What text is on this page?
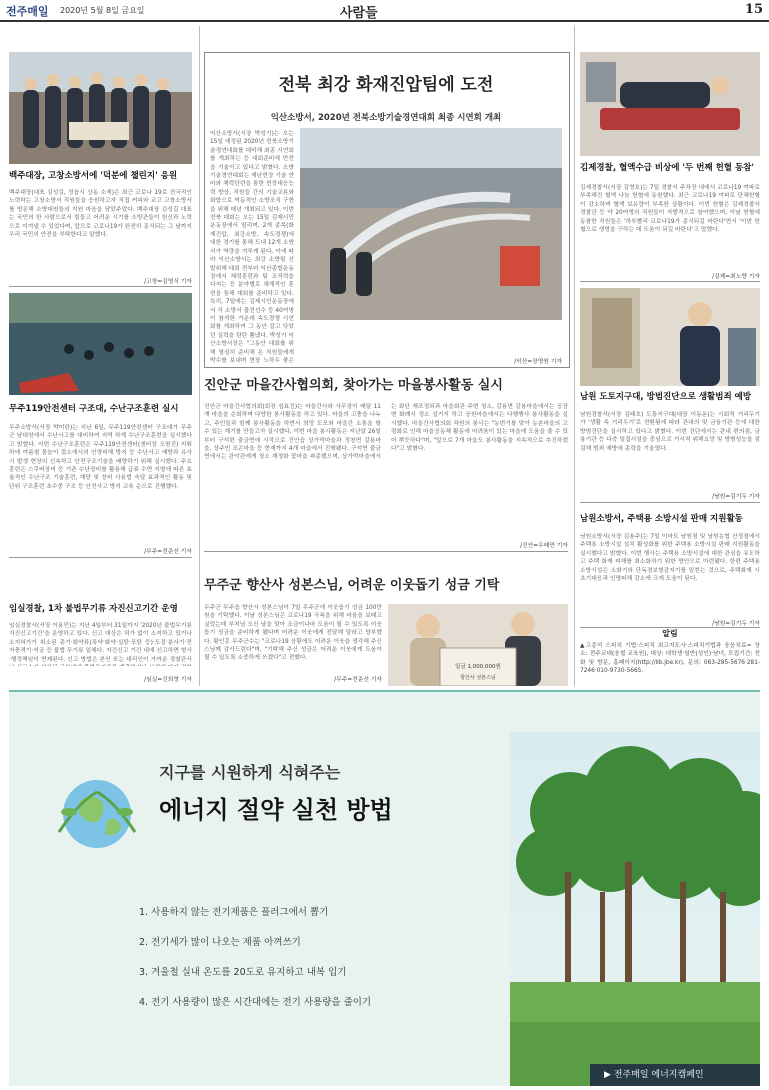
전주매일 2020년 5월 8일 금요일	사람들	15
백주대장, 고창소방서에 '덕분에 챌린지' 응원
백주대장(대표 김성길, 정읍시 상동 소재)은 최근 코로나 19로 전국적인 노력하는 고창소방서 직원들을 응원하고자 직접 커피와 교고 고창소방서를 방문해 소방대원들의 지원 마음을 담았주었다. 백주대장 김성길 대표는 국민의 한 사람으로서 힘들고 어려운 시기를 소방관들이 헌신과 노력으로 이겨낼 수 있었다며, 앞으로 코로나19가 완전히 종식되는 그 날까지 우리 국민의 안전을 부탁한다고 말했다.
/고창=김영식 기자
무주119안전센터 구조대, 수난구조훈련 실시
무주소방서(서장 박미란)는 지난 6일, 무주119안전센터 구조대가 무주군 남대천에서 수난사고를 대비하여 지역 하계 수난구조훈련을 실시했다고 밝혔다. 이번 수난구조훈련은 무주119안전센터(센터장 오원진) 지휘하에 여름철 물놀이 절소에서의 인명피해 방지 등 수난사고 예방과 유사시 발생 현장의 신속하고 안전구조기술을 배양하기 위해 실시했다. 주요훈련은 스쿠버장비 등 기존 수난장비를 활용해 급류 수면 지형에 따른 효율적인 수난구조 기술훈련, 해당 및 장비 사용법 숙달 효과적인 활동 및 단위 구조훈련 초수중 구조 등 안전사고 방지 교육 순으로 진행했다.
/무주=전준선 기자
임실경찰, 1차 불법무기류 자진신고기간 운영
임실경찰서(서장 이용민)는 지난 4일부터 31일까지 '2020년 불법무기류 자진신고기간'을 운영하고 있다. 신고 대상은 허가 없이 소지하고 있거나 소지허가가 취소된 총기·화약류(폭약·화약·실탄·포탄 등)·도검·분사기·전자충격기·석궁 등 불법 무기류 일체다. 자진신고 기간 내에 신고하면 형사·행정책임이 면제된다. 신고 방법은 본인 또는 대리인이 가까운 경찰관서
/임실=진희영 기자
전북 최강 화재진압팀에 도전
익산소방서, 2020년 전북소방기술경연대회 최종 시연회 개최
익산소방서(서장 박성기)는 오는 15일 예정된 2020년 전북소방기술경연대회를 대비해 최종 시연회를 개최하는 등 대회준비에 만전을 기울이고 있다고 밝혔다. 소방기술경연대회는 재난현장 기술 연마와 체력단련을 통한 현장대응능력 향상, 직원들 간의 기술교류와 화합으로 역동적인 소방조직 구현을 위해 매년 개최되고 있다. 이번 전북 대회는 오는 15일 김제시민운동장에서 열리며, 2개 종목(화재진압, 최강소방, 속도경쟁)에 대한 경기를 통해 도내 12개 소방서가 역량을 겨루게 된다. 이에 따라 익산소방서는 최강 소방팀 선발위해 대회 전부터 익산종합운동장에서 체력훈련과 팀 조직력을 다지는 등 분야별로 체계적인 훈련을 통해 대회를 준비하고 있다. 특히, 7일에는 김제시민운동장에서 각 소방서 출전선수 등 40여명이 참석한 가운데 속도경쟁 시연회를 개최하여 그 동안 갈고 닦았던 실력을 탄탄 뽐냈다. 박성기 익산소방서장은 "그동안 대회를 위해 열심히 준비해 온 직원들에게 박수를 보내며 현장 노하우 좋은	/익산=장영원 기자
진안군 마을간사협의회, 찾아가는 마을봉사활동 실시
진안군 마을간사협의회(회장 심효진)는 마을간사와 사무장이 매달 11개 마을을 순회하며 다양한 봉사활동을 하고 있다. 마을의 고충을 나누고, 주민들과 함께 봉사활동을 하면서 희망 도모와 마을간 소통을 할 수 있는 계기를 만들고자 실시했다. 이번 마을 봉사활동은 지난달 26일부터 구석편 출금면에 시작으로 진안읍 상가막마을과 정천면 갈용마을, 상주빈 조곤마을 등 현재까지 4개 마을에서 진행됐다. 구석면 출금면에서는 관악관에게 청소 재정화 꽃마을 파종했으며, 상가막마을에서는 화단 재조정되과 마을회관 주변 청소, 갈용면 갈용마을에서는 공장변 화례시 정소 설거지 하고 공원마을에서는 다행행사 봉사활동을 실시했다. 마을간사협의회 차원의 봉사는 "농번기를 맞아 농촌마을의 고령화로 인해 마을공동체 활동에 어려움이 있는 마을에 도움을 줄 수 있어 뿌듯하다"며, "앞으로 7개 마을도 봉사활동을 지속적으로 추진하겠다"고 밝혔다.
/진안=우태만 기자
무주군 향산사 성본스님, 어려운 이웃돕기 성금 기탁
무주군 무주읍 향산사 성본스님이 7일 무주군에 이웃돕기 성금 100만 원을 기탁했다. 이날 성본스님은 코로나19 극복을 위해 마음을 보태고 싶었는데 부처님 오신 날을 맞아 조금이나마 도움이 될 수 있도록 이웃돕기 성금을 준비하게 됐다며 어려운 이웃에게 전달해 달라고 당부했다. 황인홍 무주군수는 "코로나19 상황에도 어려운 이웃을 생각해 주신 스님께 감사드린다"며, "기탁해 주신 성금은 어려운 이웃에게 도움이 될 수 있도록 소중하게 쓰겠다"고 전했다.
/무주=전준선 기자
일금 1,000,000원
향산사 성본스님
김제경찰, 혈액수급 비상에 '두 번째 헌혈 동참'
김제경찰서(서장 김영호)는 7일 경찰서 주차장 내에서 코로나19 여파로 부족해진 혈액 나눔 헌혈에 동참했다. 최근 코로나19 여파로 단체헌혈이 감소하며 혈액 보유량이 부족한 상황이다. 이번 헌혈은 김제경찰서 경찰관 등 약 20여명의 직원들이 자발적으로 참여했으며, 이날 헌혈에 동참한 직원들은 '하루빨리 코로나19가 종식되길 바란다'면서 '이번 헌혈으로 생명을 구하는 데 도움이 되길 바란다'고 말했다.
/김제=최노향 기자
남원 도토지구대, 방범진단으로 생활범죄 예방
남원경찰서(서장 김태호) 도통지구대(대장 이동운)는 시회적 거리두기가 '생활 속 거리두기'로 전환됨에 따라 관내의 및 금융기관 등에 대한 방범진단을 실시하고 있다고 밝혔다. 이번 진단에서는 관내 편의점, 금융기관 등 다중 밀집시설을 중심으로 거시적 위해요망 및 방범성능을 점검해 범죄 예방에 총력을 기울였다.
/남원=김기두 기자
남원소방서, 주택용 소방시설 판매 지원활동
남원소방서(서장 김용주)는 7일 이마트 남원점 및 남원농협 산정점에서 주택용 소방시설 설치 활성화를 위한 주택용 소방시설 판매 지원활동을 실시했다고 밝혔다. 이번 행사는 주택용 소방시설에 대한 관심을 유도하고 주택 화재 피해를 최소화하기 위한 방안으로 마련됐다. 한편 주택용 소방시설은 소화기와 단독경보형감지기를 일컫는 것으로, 주택화재 시 초기대응과 인명피해 감소에 크게 도움이 된다.
/남원=김기두 기자
알림
▲고종석 스피치 기법·스피치 최고지도사·스피치기법과 웅음치료= 장소: 전주교대(웅철 교육원), 대상: 대학생·일반(성인)·남녀, 모집기간: 전화 및 방문, 홈페이지(http://lib.jbe.kr), 문의: 063-285-5676·281-7246·010-9730-5665.
지구를 시원하게 식혀주는
에너지 절약 실천 방법
1. 사용하지 않는 전기제품은 플러그에서 뽑기
2. 전기세가 많이 나오는 제품 아껴쓰기
3. 겨울철 실내 온도를 20도로 유지하고 내복 입기
4. 전기 사용량이 많은 시간대에는 전기 사용량을 줄이기
▶ 전주매일 에너지캠페인
